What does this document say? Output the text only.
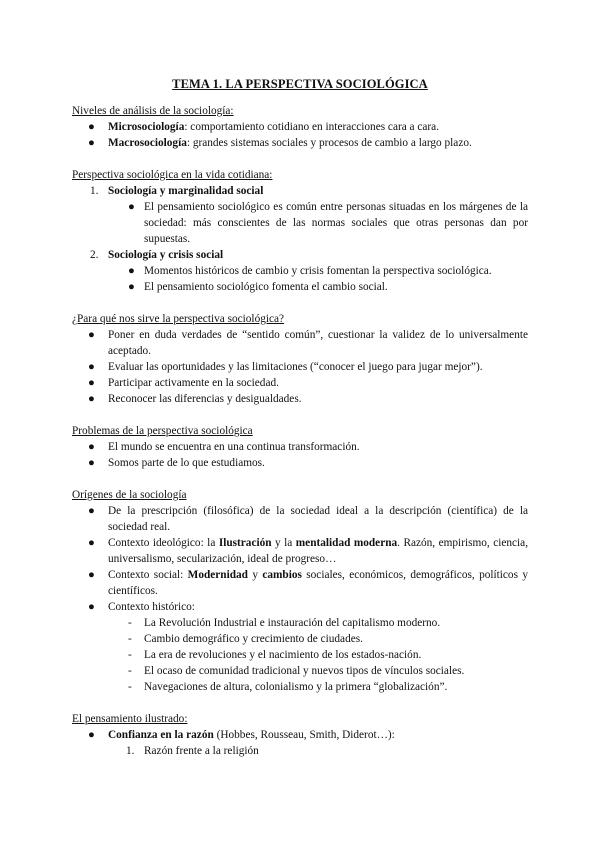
TEMA 1. LA PERSPECTIVA SOCIOLÓGICA

Niveles de análisis de la sociología:

● Microsociología: comportamiento cotidiano en interacciones cara a cara.
● Macrosociología: grandes sistemas sociales y procesos de cambio a largo plazo.

Perspectiva sociológica en la vida cotidiana:

1. Sociología y marginalidad social
● El pensamiento sociológico es común entre personas situadas en los márgenes de la sociedad: más conscientes de las normas sociales que otras personas dan por supuestas.
2. Sociología y crisis social
● Momentos históricos de cambio y crisis fomentan la perspectiva sociológica.
● El pensamiento sociológico fomenta el cambio social.

¿Para qué nos sirve la perspectiva sociológica?

● Poner en duda verdades de “sentido común”, cuestionar la validez de lo universalmente aceptado.
● Evaluar las oportunidades y las limitaciones (“conocer el juego para jugar mejor”).
● Participar activamente en la sociedad.
● Reconocer las diferencias y desigualdades.

Problemas de la perspectiva sociológica

● El mundo se encuentra en una continua transformación.
● Somos parte de lo que estudiamos.

Orígenes de la sociología

● De la prescripción (filosófica) de la sociedad ideal a la descripción (científica) de la sociedad real.
● Contexto ideológico: la Ilustración y la mentalidad moderna. Razón, empirismo, ciencia, universalismo, secularización, ideal de progreso…
● Contexto social: Modernidad y cambios sociales, económicos, demográficos, políticos y científicos.
● Contexto histórico:
- La Revolución Industrial e instauración del capitalismo moderno.
- Cambio demográfico y crecimiento de ciudades.
- La era de revoluciones y el nacimiento de los estados-nación.
- El ocaso de comunidad tradicional y nuevos tipos de vínculos sociales.
- Navegaciones de altura, colonialismo y la primera “globalización”.

El pensamiento ilustrado:

● Confianza en la razón (Hobbes, Rousseau, Smith, Diderot…):
1. Razón frente a la religión
